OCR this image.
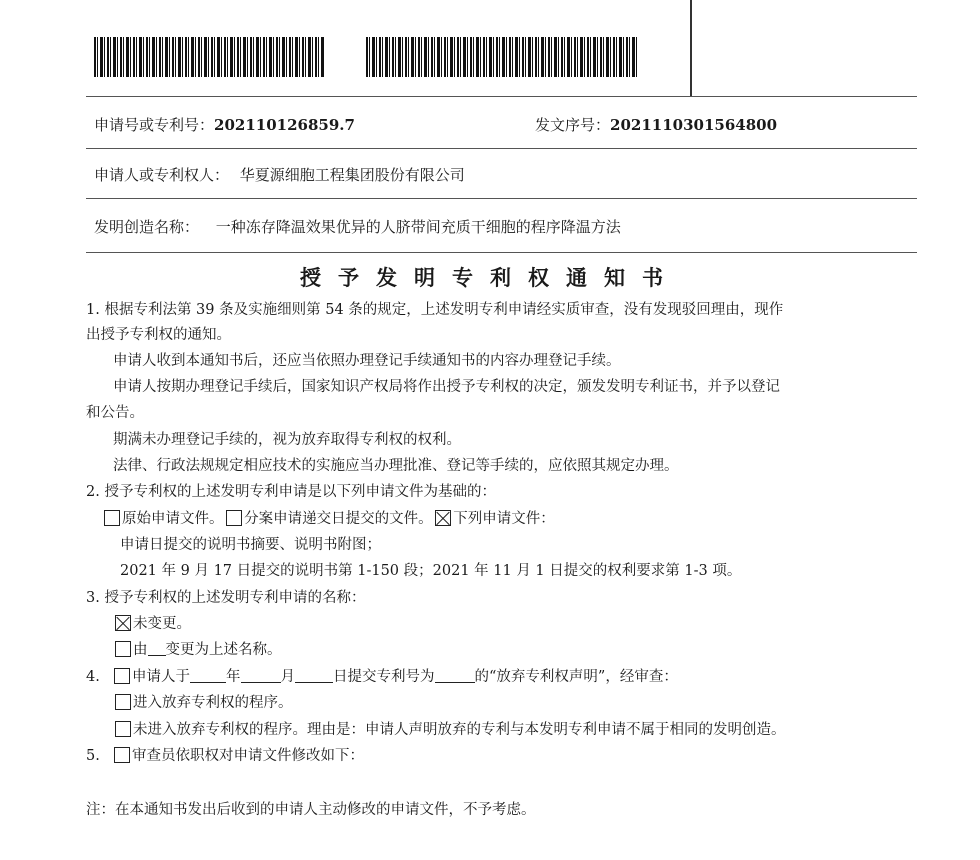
申请号或专利号：202110126859.7	发文序号：2021110301564800
申请人或专利权人： 华夏源细胞工程集团股份有限公司
发明创造名称： 一种冻存降温效果优异的人脐带间充质干细胞的程序降温方法
授予发明专利权通知书
1. 根据专利法第 39 条及实施细则第 54 条的规定，上述发明专利申请经实质审查，没有发现驳回理由，现作
出授予专利权的通知。
申请人收到本通知书后，还应当依照办理登记手续通知书的内容办理登记手续。
申请人按期办理登记手续后，国家知识产权局将作出授予专利权的决定，颁发发明专利证书，并予以登记
和公告。
期满未办理登记手续的，视为放弃取得专利权的权利。
法律、行政法规规定相应技术的实施应当办理批准、登记等手续的，应依照其规定办理。
2. 授予专利权的上述发明专利申请是以下列申请文件为基础的：
原始申请文件。 分案申请递交日提交的文件。 下列申请文件：
申请日提交的说明书摘要、说明书附图；
2021 年 9 月 17 日提交的说明书第 1-150 段；2021 年 11 月 1 日提交的权利要求第 1-3 项。
3. 授予专利权的上述发明专利申请的名称：
未变更。
由 变更为上述名称。
4. 申请人于 年	月	日提交专利号为	的“放弃专利权声明”，经审查：
进入放弃专利权的程序。
未进入放弃专利权的程序。理由是：申请人声明放弃的专利与本发明专利申请不属于相同的发明创造。
5. 审查员依职权对申请文件修改如下：
注：在本通知书发出后收到的申请人主动修改的申请文件，不予考虑。
